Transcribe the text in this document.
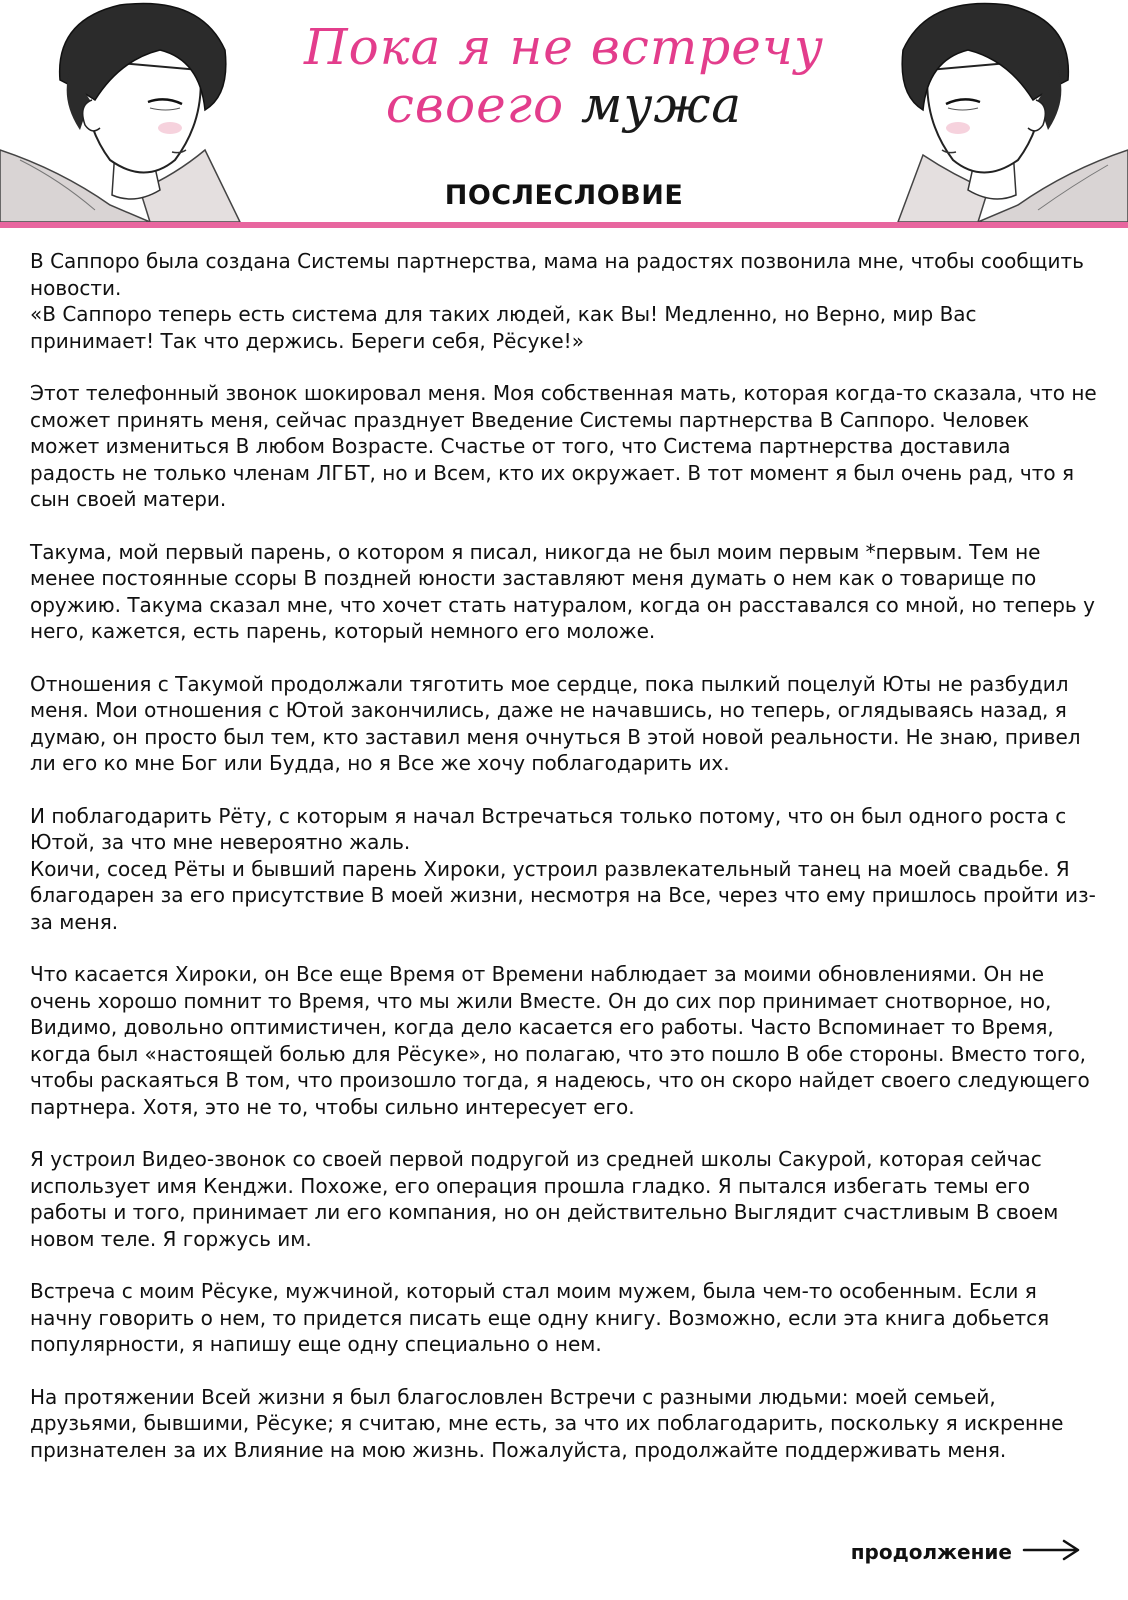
Пока я не встречу
своего мужа
ПОСЛЕСЛОВИЕ

В Саппоро была создана Системы партнерства, мама на радостях позвонила мне, чтобы сообщить новости.
«В Саппоро теперь есть система для таких людей, как Вы! Медленно, но Верно, мир Вас принимает! Так что держись. Береги себя, Рёсуке!»

Этот телефонный звонок шокировал меня. Моя собственная мать, которая когда-то сказала, что не сможет принять меня, сейчас празднует Введение Системы партнерства В Саппоро. Человек может измениться В любом Возрасте. Счастье от того, что Система партнерства доставила радость не только членам ЛГБТ, но и Всем, кто их окружает. В тот момент я был очень рад, что я сын своей матери.

Такума, мой первый парень, о котором я писал, никогда не был моим первым *первым. Тем не менее постоянные ссоры В поздней юности заставляют меня думать о нем как о товарище по оружию. Такума сказал мне, что хочет стать натуралом, когда он расставался со мной, но теперь у него, кажется, есть парень, который немного его моложе.

Отношения с Такумой продолжали тяготить мое сердце, пока пылкий поцелуй Юты не разбудил меня. Мои отношения с Ютой закончились, даже не начавшись, но теперь, оглядываясь назад, я думаю, он просто был тем, кто заставил меня очнуться В этой новой реальности. Не знаю, привел ли его ко мне Бог или Будда, но я Все же хочу поблагодарить их.

И поблагодарить Рёту, с которым я начал Встречаться только потому, что он был одного роста с Ютой, за что мне невероятно жаль.
Коичи, сосед Рёты и бывший парень Хироки, устроил развлекательный танец на моей свадьбе. Я благодарен за его присутствие В моей жизни, несмотря на Все, через что ему пришлось пройти из-за меня.

Что касается Хироки, он Все еще Время от Времени наблюдает за моими обновлениями. Он не очень хорошо помнит то Время, что мы жили Вместе. Он до сих пор принимает снотворное, но, Видимо, довольно оптимистичен, когда дело касается его работы. Часто Вспоминает то Время, когда был «настоящей болью для Рёсуке», но полагаю, что это пошло В обе стороны. Вместо того, чтобы раскаяться В том, что произошло тогда, я надеюсь, что он скоро найдет своего следующего партнера. Хотя, это не то, чтобы сильно интересует его.

Я устроил Видео-звонок со своей первой подругой из средней школы Сакурой, которая сейчас использует имя Кенджи. Похоже, его операция прошла гладко. Я пытался избегать темы его работы и того, принимает ли его компания, но он действительно Выглядит счастливым В своем новом теле. Я горжусь им.

Встреча с моим Рёсуке, мужчиной, который стал моим мужем, была чем-то особенным. Если я начну говорить о нем, то придется писать еще одну книгу. Возможно, если эта книга добьется популярности, я напишу еще одну специально о нем.

На протяжении Всей жизни я был благословлен Встречи с разными людьми: моей семьей, друзьями, бывшими, Рёсуке; я считаю, мне есть, за что их поблагодарить, поскольку я искренне признателен за их Влияние на мою жизнь. Пожалуйста, продолжайте поддерживать меня.

продолжение
